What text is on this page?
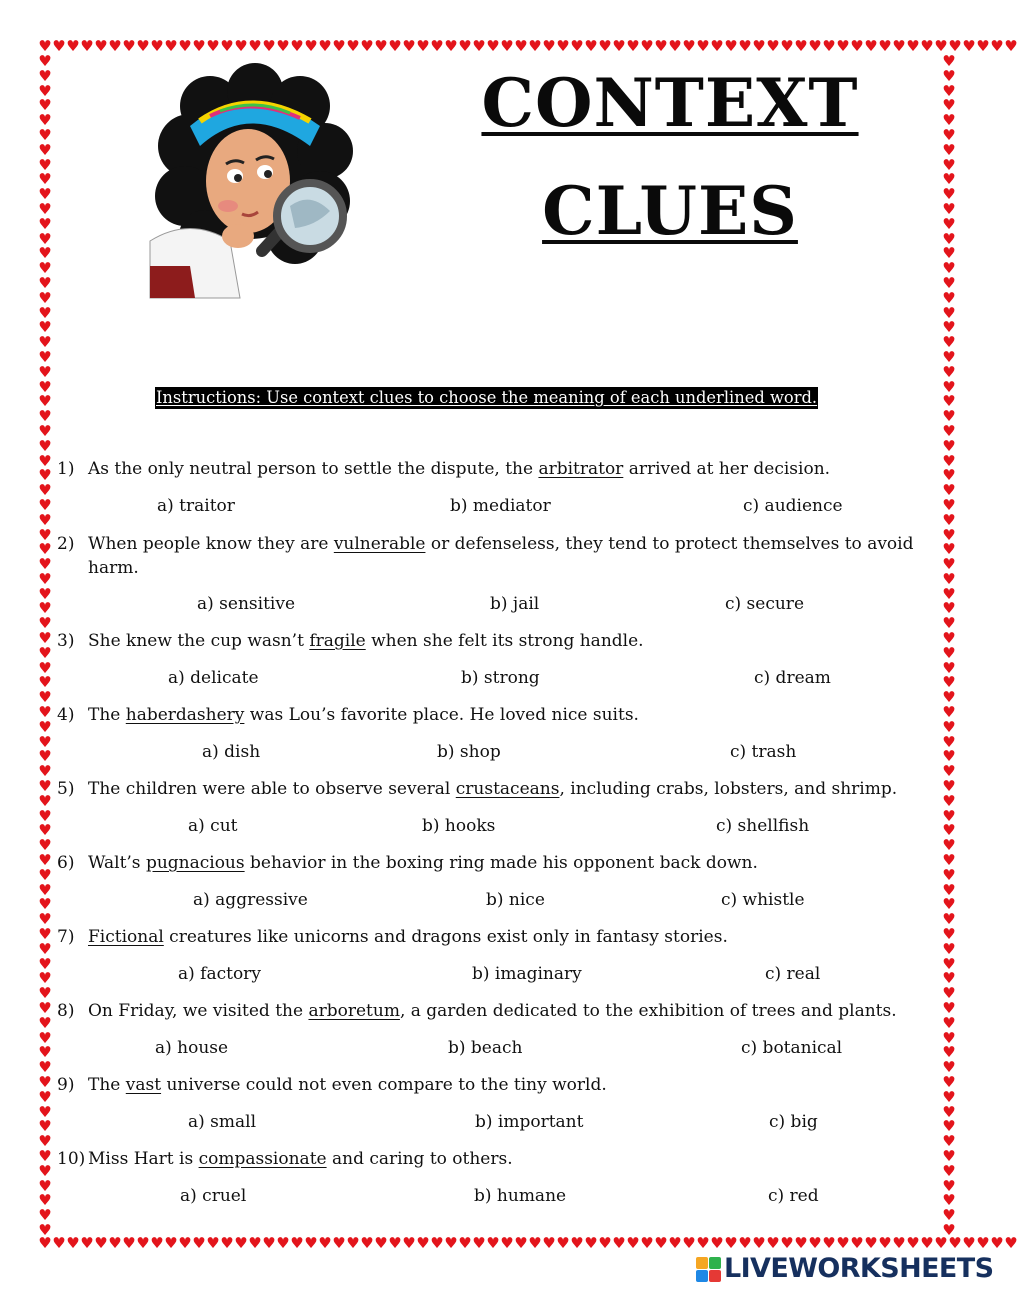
♥♥♥♥♥♥♥♥♥♥♥♥♥♥♥♥♥♥♥♥♥♥♥♥♥♥♥♥♥♥♥♥♥♥♥♥♥♥♥♥♥♥♥♥♥♥♥♥♥♥♥♥♥♥♥♥♥♥♥♥♥♥♥♥♥♥♥♥♥♥
♥♥♥♥♥♥♥♥♥♥♥♥♥♥♥♥♥♥♥♥♥♥♥♥♥♥♥♥♥♥♥♥♥♥♥♥♥♥♥♥♥♥♥♥♥♥♥♥♥♥♥♥♥♥♥♥♥♥♥♥♥♥♥♥♥♥♥♥♥♥
♥
♥
♥
♥
♥
♥
♥
♥
♥
♥
♥
♥
♥
♥
♥
♥
♥
♥
♥
♥
♥
♥
♥
♥
♥
♥
♥
♥
♥
♥
♥
♥
♥
♥
♥
♥
♥
♥
♥
♥
♥
♥
♥
♥
♥
♥
♥
♥
♥
♥
♥
♥
♥
♥
♥
♥
♥
♥
♥
♥
♥
♥
♥
♥
♥
♥
♥
♥
♥
♥
♥
♥
♥
♥
♥
♥
♥
♥
♥
♥
♥
♥
♥
♥
♥
♥
♥
♥
♥
♥
♥
♥
♥
♥
♥
♥
♥
♥
♥
♥
♥
♥
♥
♥
♥
♥
♥
♥
♥
♥
♥
♥
♥
♥
♥
♥
♥
♥
♥
♥
♥
♥
♥
♥
♥
♥
♥
♥
♥
♥
♥
♥
♥
♥
♥
♥
♥
♥
♥
♥
♥
♥
♥
♥
♥
♥
♥
♥
♥
♥
♥
♥
♥
♥
♥
♥
♥
♥
♥
♥
CONTEXT
CLUES
Instructions: Use context clues to choose the meaning of each underlined word.
1) As the only neutral person to settle the dispute, the arbitrator arrived at her decision.
a) traitor	b) mediator	c) audience
2) When people know they are vulnerable or defenseless, they tend to protect themselves to avoid harm.
a) sensitive	b) jail	c) secure
3) She knew the cup wasn’t fragile when she felt its strong handle.
a) delicate	b) strong	c) dream
4) The haberdashery was Lou’s favorite place. He loved nice suits.
a) dish	b) shop	c) trash
5) The children were able to observe several crustaceans, including crabs, lobsters, and shrimp.
a) cut	b) hooks	c) shellfish
6) Walt’s pugnacious behavior in the boxing ring made his opponent back down.
a) aggressive	b) nice	c) whistle
7) Fictional creatures like unicorns and dragons exist only in fantasy stories.
a) factory	b) imaginary	c) real
8) On Friday, we visited the arboretum, a garden dedicated to the exhibition of trees and plants.
a) house	b) beach	c) botanical
9) The vast universe could not even compare to the tiny world.
a) small	b) important	c) big
10) Miss Hart is compassionate and caring to others.
a) cruel	b) humane	c) red
LIVEWORKSHEETS
